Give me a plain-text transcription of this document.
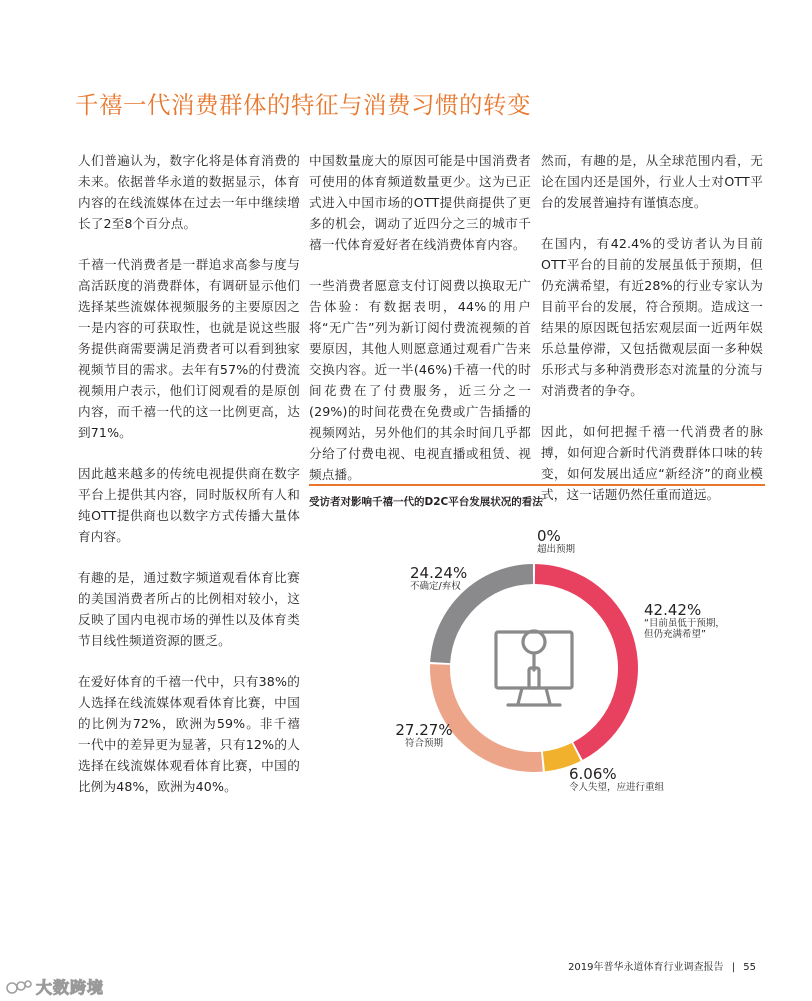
千禧一代消费群体的特征与消费习惯的转变

人们普遍认为，数字化将是体育消费的未来。依据普华永道的数据显示，体育内容的在线流媒体在过去一年中继续增长了2至8个百分点。

千禧一代消费者是一群追求高参与度与高活跃度的消费群体，有调研显示他们选择某些流媒体视频服务的主要原因之一是内容的可获取性，也就是说这些服务提供商需要满足消费者可以看到独家视频节目的需求。去年有57%的付费流视频用户表示，他们订阅观看的是原创内容，而千禧一代的这一比例更高，达到71%。

因此越来越多的传统电视提供商在数字平台上提供其内容，同时版权所有人和纯OTT提供商也以数字方式传播大量体育内容。

有趣的是，通过数字频道观看体育比赛的美国消费者所占的比例相对较小，这反映了国内电视市场的弹性以及体育类节目线性频道资源的匮乏。

在爱好体育的千禧一代中，只有38%的人选择在线流媒体观看体育比赛，中国的比例为72%，欧洲为59%。非千禧一代中的差异更为显著，只有12%的人选择在线流媒体观看体育比赛，中国的比例为48%，欧洲为40%。

中国数量庞大的原因可能是中国消费者可使用的体育频道数量更少。这为已正式进入中国市场的OTT提供商提供了更多的机会，调动了近四分之三的城市千禧一代体育爱好者在线消费体育内容。

一些消费者愿意支付订阅费以换取无广告体验：有数据表明，44%的用户将“无广告”列为新订阅付费流视频的首要原因，其他人则愿意通过观看广告来交换内容。近一半(46%)千禧一代的时间花费在了付费服务，近三分之一(29%)的时间花费在免费或广告插播的视频网站，另外他们的其余时间几乎都分给了付费电视、电视直播或租赁、视频点播。

然而，有趣的是，从全球范围内看，无论在国内还是国外，行业人士对OTT平台的发展普遍持有谨慎态度。

在国内，有42.4%的受访者认为目前OTT平台的目前的发展虽低于预期，但仍充满希望，有近28%的行业专家认为目前平台的发展，符合预期。造成这一结果的原因既包括宏观层面一近两年娱乐总量停滞，又包括微观层面一多种娱乐形式与多种消费形态对流量的分流与对消费者的争夺。

因此，如何把握千禧一代消费者的脉搏，如何迎合新时代消费群体口味的转变，如何发展出适应“新经济”的商业模式，这一话题仍然任重而道远。

受访者对影响千禧一代的D2C平台发展状况的看法
0%
超出预期
42.42%
“目前虽低于预期，
但仍充满希望”
6.06%
令人失望，应进行重组
27.27%
符合预期
24.24%
不确定/弃权
2019年普华永道体育行业调查报告 | 55
大数跨境
